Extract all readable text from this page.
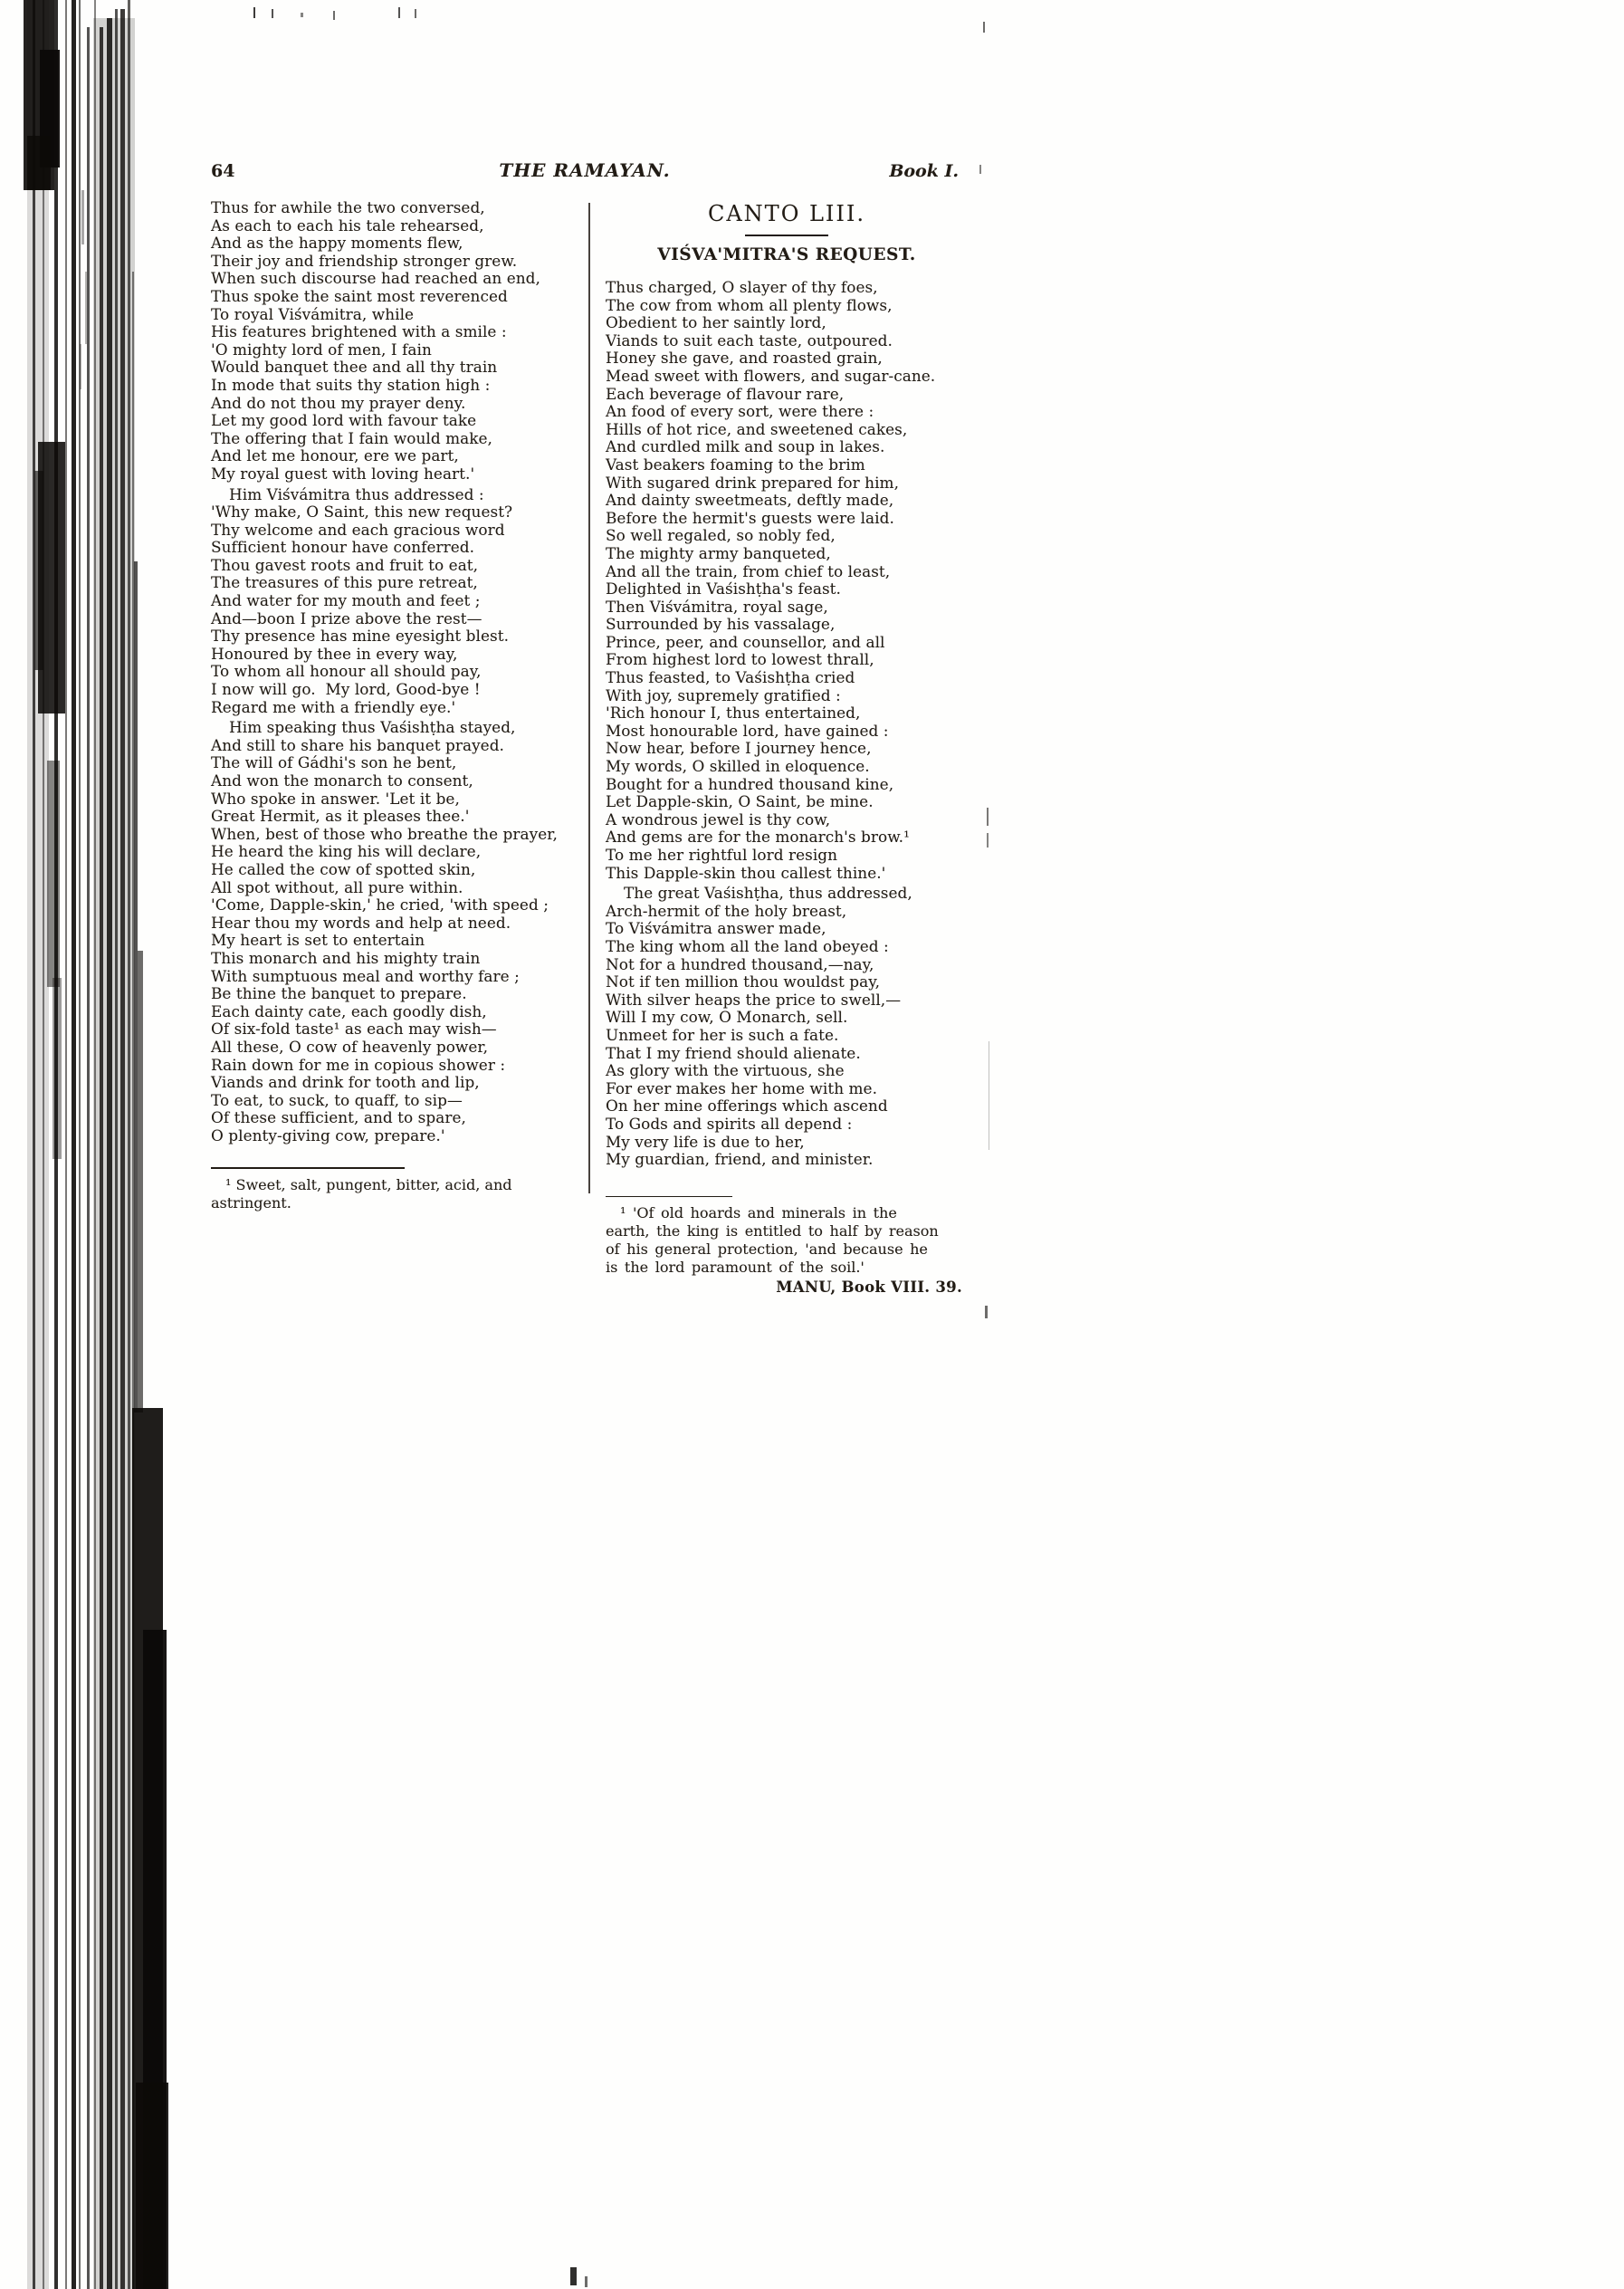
64	THE RAMAYAN.	Book I.
Thus for awhile the two conversed,
As each to each his tale rehearsed,
And as the happy moments flew,
Their joy and friendship stronger grew.
When such discourse had reached an end,
Thus spoke the saint most reverenced
To royal Viśvámitra, while
His features brightened with a smile :
'O mighty lord of men, I fain
Would banquet thee and all thy train
In mode that suits thy station high :
And do not thou my prayer deny.
Let my good lord with favour take
The offering that I fain would make,
And let me honour, ere we part,
My royal guest with loving heart.'
Him Viśvámitra thus addressed :
'Why make, O Saint, this new request?
Thy welcome and each gracious word
Sufficient honour have conferred.
Thou gavest roots and fruit to eat,
The treasures of this pure retreat,
And water for my mouth and feet ;
And—boon I prize above the rest—
Thy presence has mine eyesight blest.
Honoured by thee in every way,
To whom all honour all should pay,
I now will go.  My lord, Good-bye !
Regard me with a friendly eye.'
Him speaking thus Vaśishṭha stayed,
And still to share his banquet prayed.
The will of Gádhi's son he bent,
And won the monarch to consent,
Who spoke in answer. 'Let it be,
Great Hermit, as it pleases thee.'
When, best of those who breathe the prayer,
He heard the king his will declare,
He called the cow of spotted skin,
All spot without, all pure within.
'Come, Dapple-skin,' he cried, 'with speed ;
Hear thou my words and help at need.
My heart is set to entertain
This monarch and his mighty train
With sumptuous meal and worthy fare ;
Be thine the banquet to prepare.
Each dainty cate, each goodly dish,
Of six-fold taste¹ as each may wish—
All these, O cow of heavenly power,
Rain down for me in copious shower :
Viands and drink for tooth and lip,
To eat, to suck, to quaff, to sip—
Of these sufficient, and to spare,
O plenty-giving cow, prepare.'
¹ Sweet, salt, pungent, bitter, acid, and
astringent.
CANTO LIII.
VIŚVA'MITRA'S REQUEST.
Thus charged, O slayer of thy foes,
The cow from whom all plenty flows,
Obedient to her saintly lord,
Viands to suit each taste, outpoured.
Honey she gave, and roasted grain,
Mead sweet with flowers, and sugar-cane.
Each beverage of flavour rare,
An food of every sort, were there :
Hills of hot rice, and sweetened cakes,
And curdled milk and soup in lakes.
Vast beakers foaming to the brim
With sugared drink prepared for him,
And dainty sweetmeats, deftly made,
Before the hermit's guests were laid.
So well regaled, so nobly fed,
The mighty army banqueted,
And all the train, from chief to least,
Delighted in Vaśishṭha's feast.
Then Viśvámitra, royal sage,
Surrounded by his vassalage,
Prince, peer, and counsellor, and all
From highest lord to lowest thrall,
Thus feasted, to Vaśishṭha cried
With joy, supremely gratified :
'Rich honour I, thus entertained,
Most honourable lord, have gained :
Now hear, before I journey hence,
My words, O skilled in eloquence.
Bought for a hundred thousand kine,
Let Dapple-skin, O Saint, be mine.
A wondrous jewel is thy cow,
And gems are for the monarch's brow.¹
To me her rightful lord resign
This Dapple-skin thou callest thine.'
The great Vaśishṭha, thus addressed,
Arch-hermit of the holy breast,
To Viśvámitra answer made,
The king whom all the land obeyed :
Not for a hundred thousand,—nay,
Not if ten million thou wouldst pay,
With silver heaps the price to swell,—
Will I my cow, O Monarch, sell.
Unmeet for her is such a fate.
That I my friend should alienate.
As glory with the virtuous, she
For ever makes her home with me.
On her mine offerings which ascend
To Gods and spirits all depend :
My very life is due to her,
My guardian, friend, and minister.
¹ 'Of old hoards and minerals in the
earth, the king is entitled to half by reason
of his general protection, 'and because he
is the lord paramount of the soil.'
MANU, Book VIII. 39.
